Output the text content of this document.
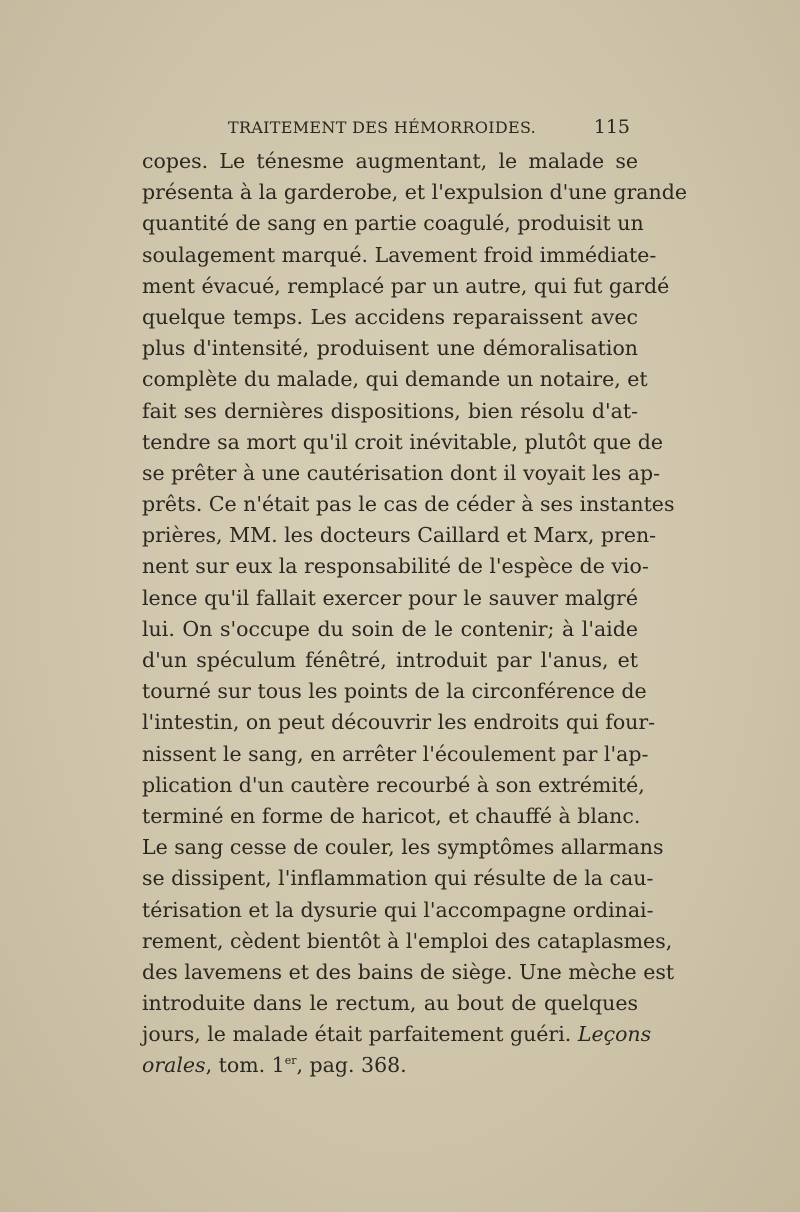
TRAITEMENT DES HÉMORROIDES.	115
copes. Le ténesme augmentant, le malade se
présenta à la garderobe, et l'expulsion d'une grande
quantité de sang en partie coagulé, produisit un
soulagement marqué. Lavement froid immédiate-
ment évacué, remplacé par un autre, qui fut gardé
quelque temps. Les accidens reparaissent avec
plus d'intensité, produisent une démoralisation
complète du malade, qui demande un notaire, et
fait ses dernières dispositions, bien résolu d'at-
tendre sa mort qu'il croit inévitable, plutôt que de
se prêter à une cautérisation dont il voyait les ap-
prêts. Ce n'était pas le cas de céder à ses instantes
prières, MM. les docteurs Caillard et Marx, pren-
nent sur eux la responsabilité de l'espèce de vio-
lence qu'il fallait exercer pour le sauver malgré
lui. On s'occupe du soin de le contenir; à l'aide
d'un spéculum fénêtré, introduit par l'anus, et
tourné sur tous les points de la circonférence de
l'intestin, on peut découvrir les endroits qui four-
nissent le sang, en arrêter l'écoulement par l'ap-
plication d'un cautère recourbé à son extrémité,
terminé en forme de haricot, et chauffé à blanc.
Le sang cesse de couler, les symptômes allarmans
se dissipent, l'inflammation qui résulte de la cau-
térisation et la dysurie qui l'accompagne ordinai-
rement, cèdent bientôt à l'emploi des cataplasmes,
des lavemens et des bains de siège. Une mèche est
introduite dans le rectum, au bout de quelques
jours, le malade était parfaitement guéri. Leçons
orales, tom. 1er, pag. 368.
